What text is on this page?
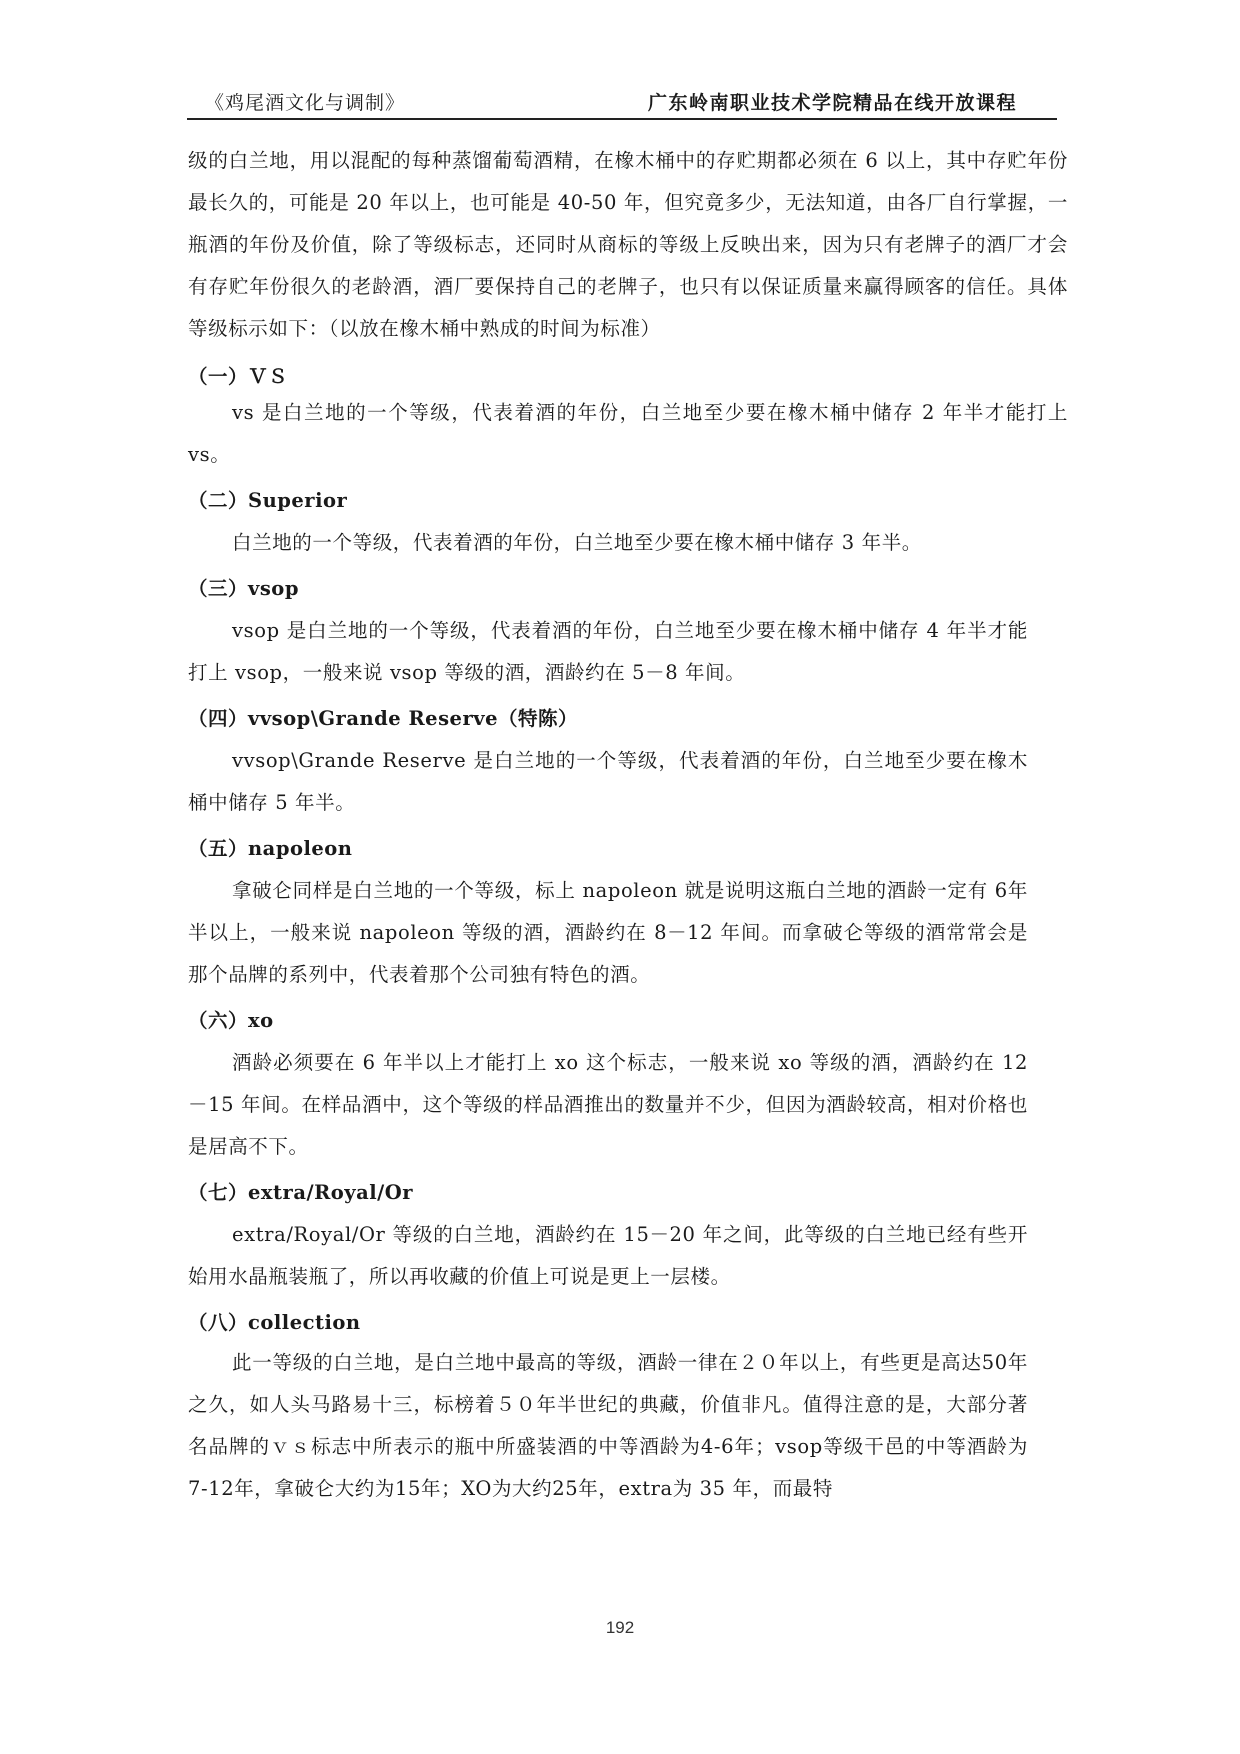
《鸡尾酒文化与调制》	广东岭南职业技术学院精品在线开放课程

级的白兰地，用以混配的每种蒸馏葡萄酒精，在橡木桶中的存贮期都必须在 6 以上，其中存贮年份最长久的，可能是 20 年以上，也可能是 40-50 年，但究竟多少，无法知道，由各厂自行掌握，一瓶酒的年份及价值，除了等级标志，还同时从商标的等级上反映出来，因为只有老牌子的酒厂才会有存贮年份很久的老龄酒，酒厂要保持自己的老牌子，也只有以保证质量来赢得顾客的信任。具体等级标示如下：（以放在橡木桶中熟成的时间为标准）

（一）ＶＳ

vs 是白兰地的一个等级，代表着酒的年份，白兰地至少要在橡木桶中储存 2 年半才能打上 vs。

（二）Superior

白兰地的一个等级，代表着酒的年份，白兰地至少要在橡木桶中储存 3 年半。

（三）vsop

vsop 是白兰地的一个等级，代表着酒的年份，白兰地至少要在橡木桶中储存 4 年半才能打上 vsop，一般来说 vsop 等级的酒，酒龄约在 5－8 年间。

（四）vvsop\Grande Reserve（特陈）

vvsop\Grande Reserve 是白兰地的一个等级，代表着酒的年份，白兰地至少要在橡木桶中储存 5 年半。

（五）napoleon

拿破仑同样是白兰地的一个等级，标上 napoleon 就是说明这瓶白兰地的酒龄一定有 6年半以上，一般来说 napoleon 等级的酒，酒龄约在 8－12 年间。而拿破仑等级的酒常常会是那个品牌的系列中，代表着那个公司独有特色的酒。

（六）xo

酒龄必须要在 6 年半以上才能打上 xo 这个标志，一般来说 xo 等级的酒，酒龄约在 12－15 年间。在样品酒中，这个等级的样品酒推出的数量并不少，但因为酒龄较高，相对价格也是居高不下。

（七）extra/Royal/Or

extra/Royal/Or 等级的白兰地，酒龄约在 15－20 年之间，此等级的白兰地已经有些开始用水晶瓶装瓶了，所以再收藏的价值上可说是更上一层楼。

（八）collection

此一等级的白兰地，是白兰地中最高的等级，酒龄一律在２０年以上，有些更是高达50年之久，如人头马路易十三，标榜着５０年半世纪的典藏，价值非凡。值得注意的是，大部分著名品牌的ｖｓ标志中所表示的瓶中所盛装酒的中等酒龄为4-6年；vsop等级干邑的中等酒龄为7-12年，拿破仑大约为15年；XO为大约25年，extra为 35 年，而最特

192
